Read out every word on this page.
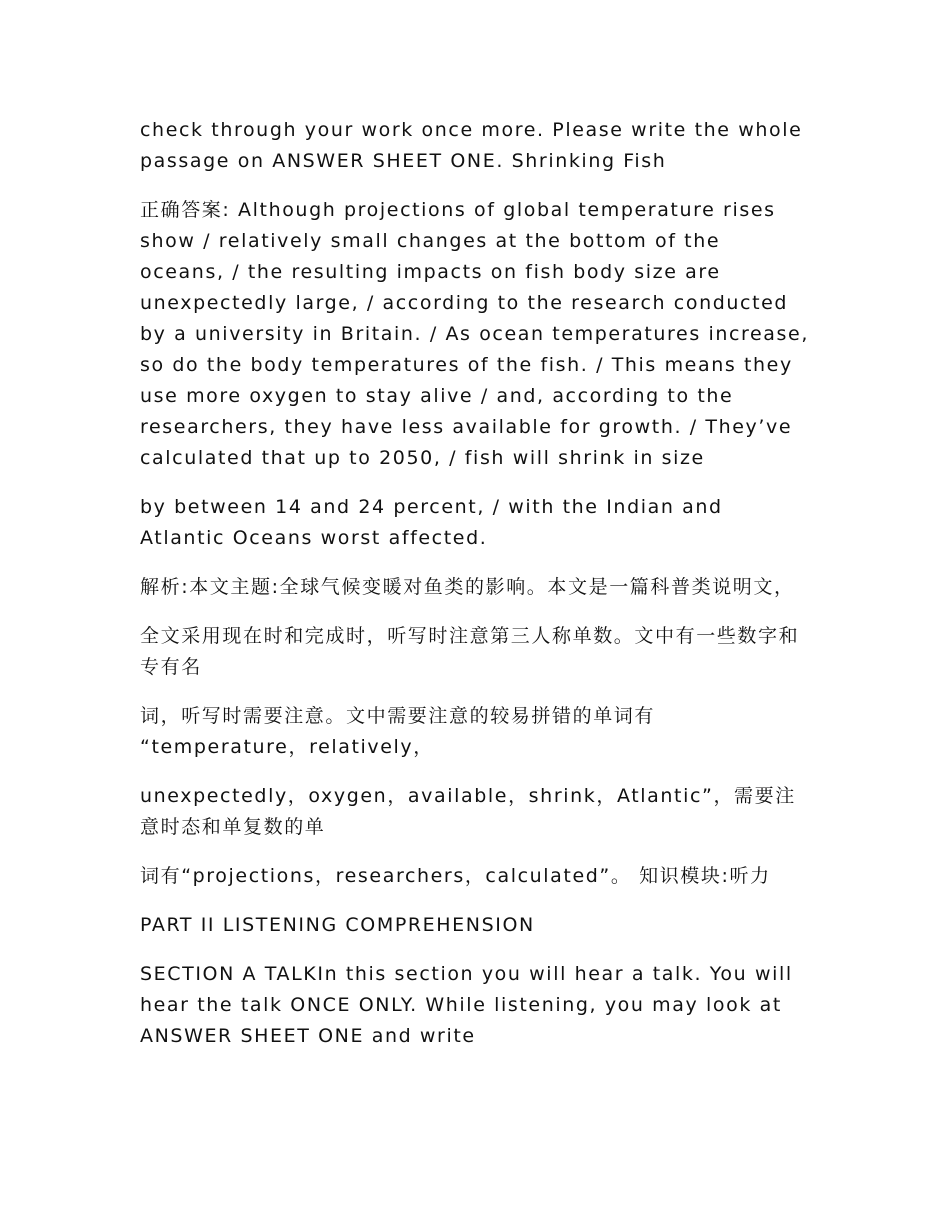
check through your work once more. Please write the whole
passage on ANSWER SHEET ONE. Shrinking Fish

正确答案: Although projections of global temperature rises
show / relatively small changes at the bottom of the
oceans, / the resulting impacts on fish body size are
unexpectedly large, / according to the research conducted
by a university in Britain. / As ocean temperatures increase,
so do the body temperatures of the fish. / This means they
use more oxygen to stay alive / and, according to the
researchers, they have less available for growth. / They’ve
calculated that up to 2050, / fish will shrink in size

by between 14 and 24 percent, / with the Indian and
Atlantic Oceans worst affected.

解析:本文主题:全球气候变暖对鱼类的影响。本文是一篇科普类说明文，

全文采用现在时和完成时，听写时注意第三人称单数。文中有一些数字和
专有名

词，听写时需要注意。文中需要注意的较易拼错的单词有
“temperature，relatively，

unexpectedly，oxygen，available，shrink，Atlantic”，需要注
意时态和单复数的单

词有“projections，researchers，calculated”。 知识模块:听力

PART II LISTENING COMPREHENSION

SECTION A TALKIn this section you will hear a talk. You will
hear the talk ONCE ONLY. While listening, you may look at
ANSWER SHEET ONE and write
